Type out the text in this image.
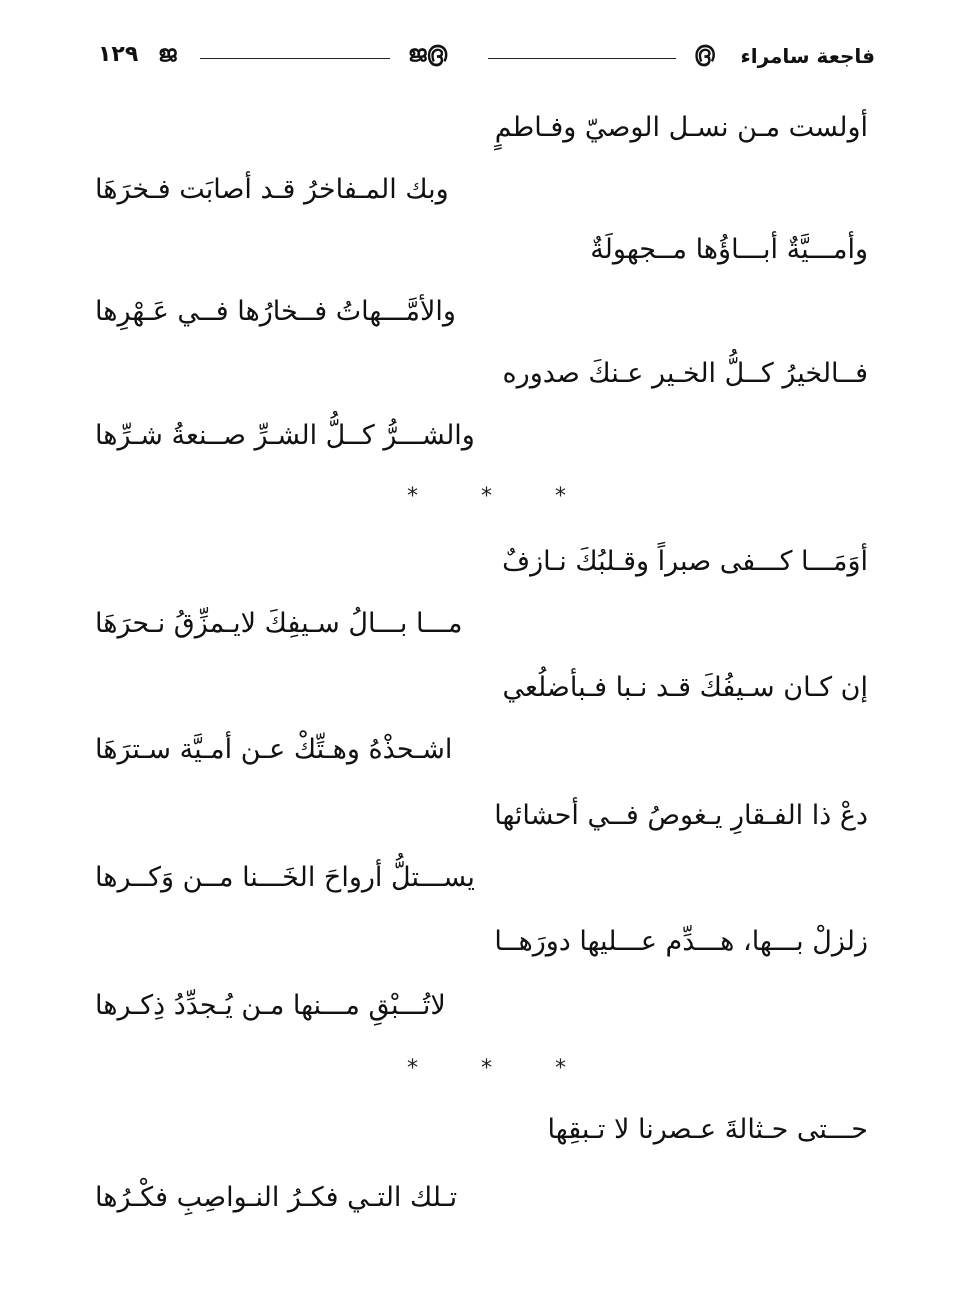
١٢٩ ജ	ജ൫	൫ فاجعة سامراء
أولست مـن نسـل الوصيّ وفـاطمٍ
وبك المـفاخرُ قـد أصابَت فـخرَهَا
وأمـــيَّةٌ أبـــاؤُها مــجهولَةٌ
والأمَّـــهاتُ فــخارُها فــي عَـهْرِها
فــالخيرُ كــلُّ الخـير عـنكَ صدوره
والشـــرُّ كــلُّ الشـرِّ صــنعةُ شـرِّها
* * *
أوَمَـــا كـــفى صبراً وقـلبُكَ نـازفٌ
مـــا بـــالُ سـيفِكَ لايـمزِّقُ نـحرَهَا
إن كـان سـيفُكَ قـد نـبا فـبأضلُعي
اشـحذْهُ وهـتِّكْ عـن أمـيَّة سـترَهَا
دعْ ذا الفـقارِ يـغوصُ فــي أحشائها
يســـتلُّ أرواحَ الخَـــنا مــن وَكــرها
زلزلْ بـــها، هـــدِّم عـــليها دورَهــا
لاتُـــبْقِ مـــنها مـن يُـجدِّدُ ذِكـرها
* * *
حـــتى حـثالةَ عـصرنا لا تـبقِها
تـلك التـي فكـرُ النـواصِبِ فكْـرُها
